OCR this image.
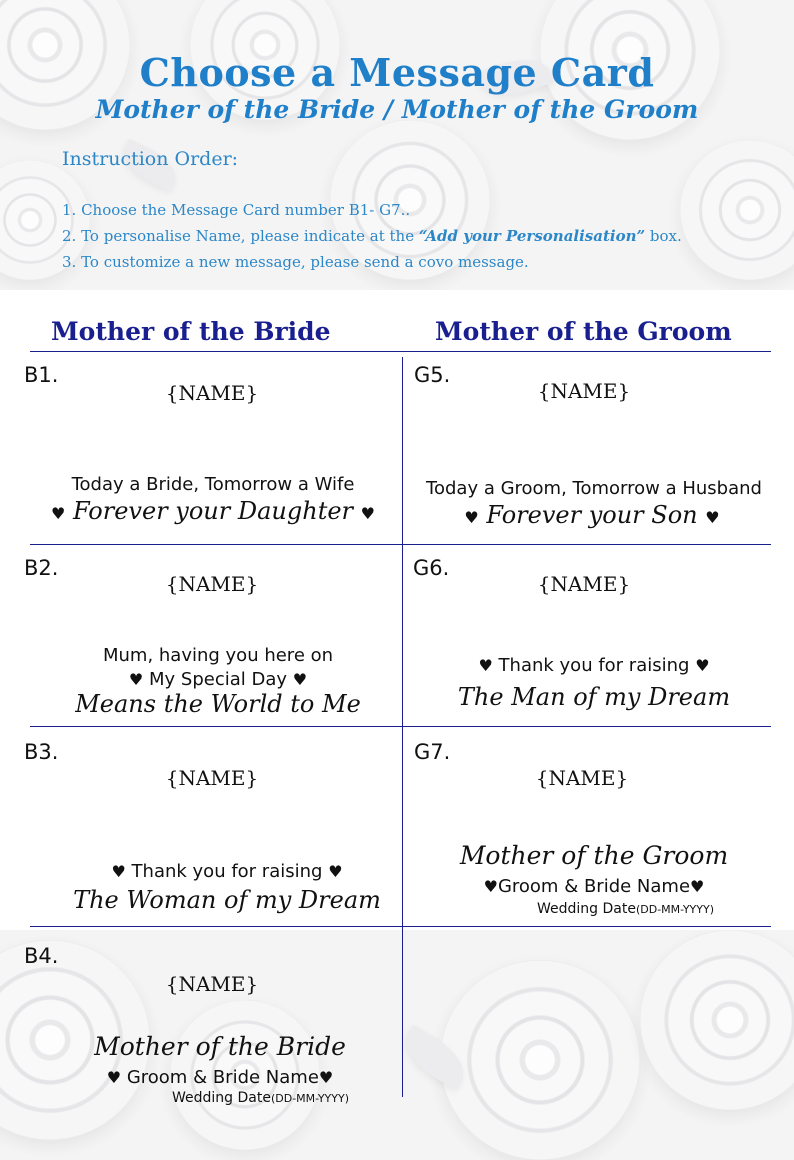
Choose a Message Card
Mother of the Bride / Mother of the Groom
Instruction Order:
1. Choose the Message Card number B1- G7..
2. To personalise Name, please indicate at the “Add your Personalisation” box.
3. To customize a new message, please send a covo message.
Mother of the Bride	Mother of the Groom
B1.
{NAME}
Today a Bride, Tomorrow a Wife
♥ Forever your Daughter ♥
G5.
{NAME}
Today a Groom, Tomorrow a Husband
♥ Forever your Son ♥
B2.
{NAME}
Mum, having you here on
♥ My Special Day ♥
Means the World to Me
G6.
{NAME}
♥ Thank you for raising ♥
The Man of my Dream
B3.
{NAME}
♥ Thank you for raising ♥
The Woman of my Dream
G7.
{NAME}
Mother of the Groom
♥Groom & Bride Name♥
Wedding Date(DD-MM-YYYY)
B4.
{NAME}
Mother of the Bride
♥ Groom & Bride Name♥
Wedding Date(DD-MM-YYYY)
